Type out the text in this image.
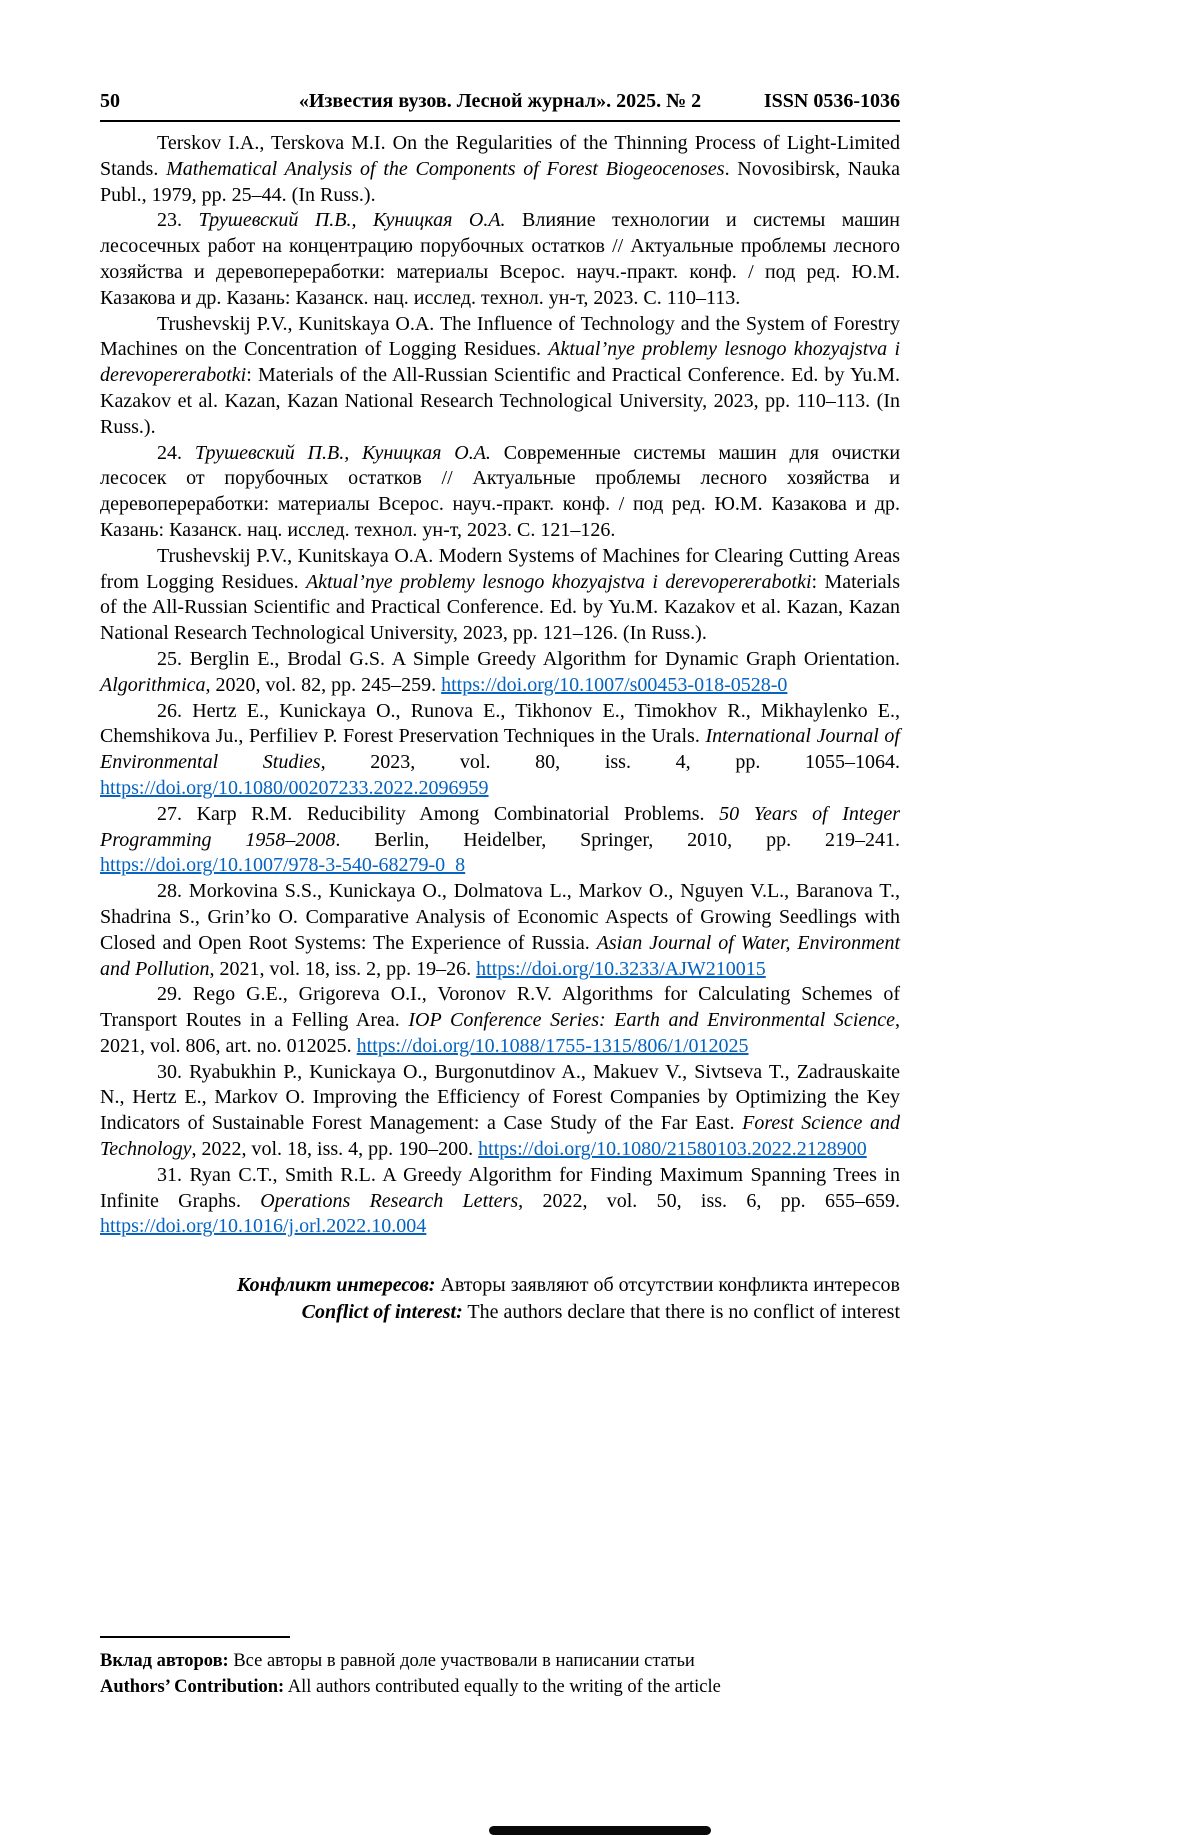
50	«Известия вузов. Лесной журнал». 2025. № 2	ISSN 0536-1036

Terskov I.A., Terskova M.I. On the Regularities of the Thinning Process of Light-Limited Stands. Mathematical Analysis of the Components of Forest Biogeocenoses. Novosibirsk, Nauka Publ., 1979, pp. 25–44. (In Russ.).

23. Трушевский П.В., Куницкая О.А. Влияние технологии и системы машин лесосечных работ на концентрацию порубочных остатков // Актуальные проблемы лесного хозяйства и деревопереработки: материалы Всерос. науч.-практ. конф. / под ред. Ю.М. Казакова и др. Казань: Казанск. нац. исслед. технол. ун-т, 2023. С. 110–113.

Trushevskij P.V., Kunitskaya O.A. The Influence of Technology and the System of Forestry Machines on the Concentration of Logging Residues. Aktual’nye problemy lesnogo khozyajstva i derevopererabotki: Materials of the All-Russian Scientific and Practical Conference. Ed. by Yu.M. Kazakov et al. Kazan, Kazan National Research Technological University, 2023, pp. 110–113. (In Russ.).

24. Трушевский П.В., Куницкая О.А. Современные системы машин для очистки лесосек от порубочных остатков // Актуальные проблемы лесного хозяйства и деревопереработки: материалы Всерос. науч.-практ. конф. / под ред. Ю.М. Казакова и др. Казань: Казанск. нац. исслед. технол. ун-т, 2023. С. 121–126.

Trushevskij P.V., Kunitskaya O.A. Modern Systems of Machines for Clearing Cutting Areas from Logging Residues. Aktual’nye problemy lesnogo khozyajstva i derevopererabotki: Materials of the All-Russian Scientific and Practical Conference. Ed. by Yu.M. Kazakov et al. Kazan, Kazan National Research Technological University, 2023, pp. 121–126. (In Russ.).

25. Berglin E., Brodal G.S. A Simple Greedy Algorithm for Dynamic Graph Orientation. Algorithmica, 2020, vol. 82, pp. 245–259. https://doi.org/10.1007/s00453-018-0528-0

26. Hertz E., Kunickaya O., Runova E., Tikhonov E., Timokhov R., Mikhaylenko E., Chemshikova Ju., Perfiliev P. Forest Preservation Techniques in the Urals. International Journal of Environmental Studies, 2023, vol. 80, iss. 4, pp. 1055–1064. https://doi.org/10.1080/00207233.2022.2096959

27. Karp R.M. Reducibility Among Combinatorial Problems. 50 Years of Integer Programming 1958–2008. Berlin, Heidelber, Springer, 2010, pp. 219–241. https://doi.org/10.1007/978-3-540-68279-0_8

28. Morkovina S.S., Kunickaya O., Dolmatova L., Markov O., Nguyen V.L., Baranova T., Shadrina S., Grin’ko O. Comparative Analysis of Economic Aspects of Growing Seedlings with Closed and Open Root Systems: The Experience of Russia. Asian Journal of Water, Environment and Pollution, 2021, vol. 18, iss. 2, pp. 19–26. https://doi.org/10.3233/AJW210015

29. Rego G.E., Grigoreva O.I., Voronov R.V. Algorithms for Calculating Schemes of Transport Routes in a Felling Area. IOP Conference Series: Earth and Environmental Science, 2021, vol. 806, art. no. 012025. https://doi.org/10.1088/1755-1315/806/1/012025

30. Ryabukhin P., Kunickaya O., Burgonutdinov A., Makuev V., Sivtseva T., Zadrauskaite N., Hertz E., Markov O. Improving the Efficiency of Forest Companies by Optimizing the Key Indicators of Sustainable Forest Management: a Case Study of the Far East. Forest Science and Technology, 2022, vol. 18, iss. 4, pp. 190–200. https://doi.org/10.1080/21580103.2022.2128900

31. Ryan C.T., Smith R.L. A Greedy Algorithm for Finding Maximum Spanning Trees in Infinite Graphs. Operations Research Letters, 2022, vol. 50, iss. 6, pp. 655–659. https://doi.org/10.1016/j.orl.2022.10.004

Конфликт интересов: Авторы заявляют об отсутствии конфликта интересов

Conflict of interest: The authors declare that there is no conflict of interest

Вклад авторов: Все авторы в равной доле участвовали в написании статьи

Authors’ Contribution: All authors contributed equally to the writing of the article
